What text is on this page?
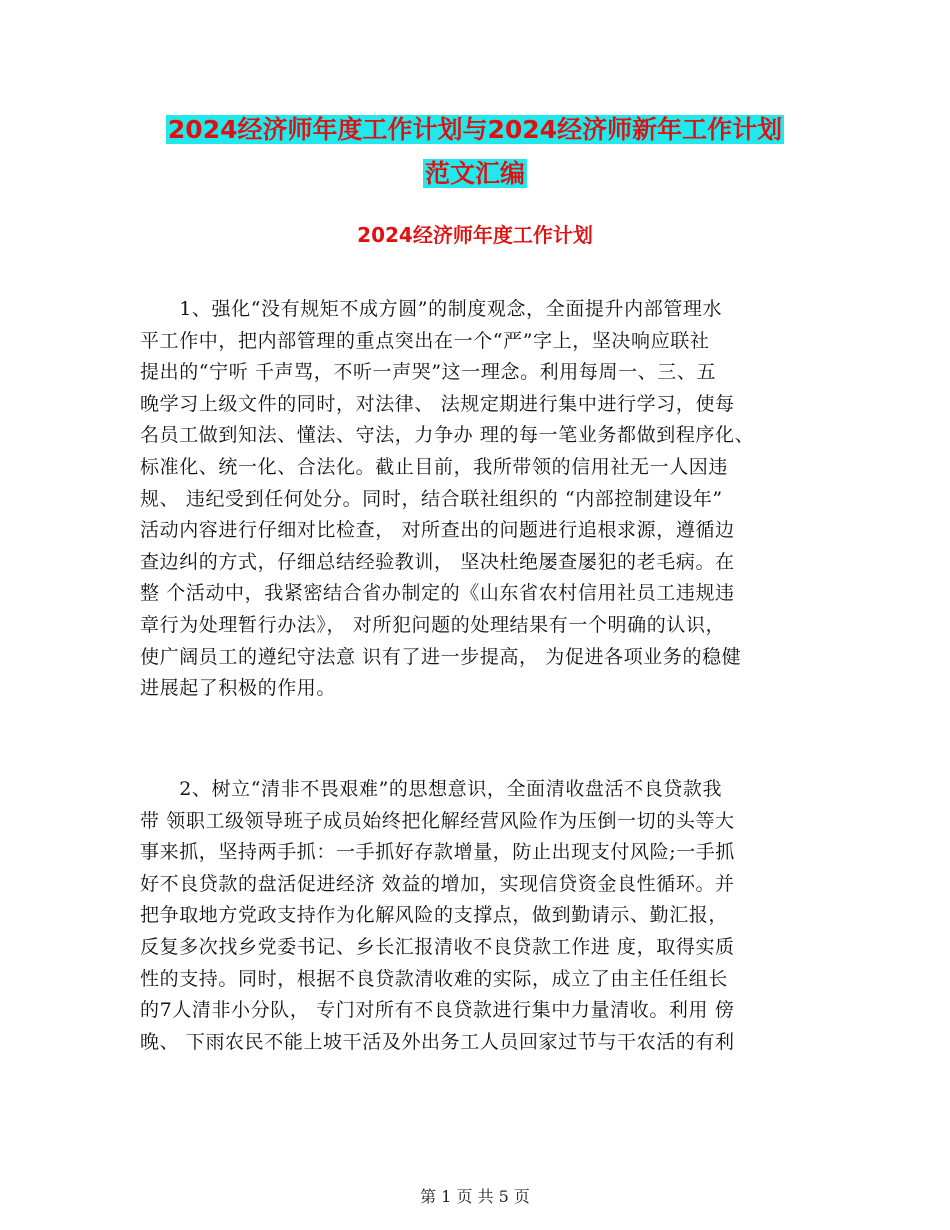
2024经济师年度工作计划与2024经济师新年工作计划
范文汇编
2024经济师年度工作计划
　　1、强化“没有规矩不成方圆”的制度观念，全面提升内部管理水
平工作中，把内部管理的重点突出在一个“严”字上，坚决响应联社
提出的“宁听 千声骂，不听一声哭”这一理念。利用每周一、三、五
晚学习上级文件的同时，对法律、 法规定期进行集中进行学习，使每
名员工做到知法、懂法、守法，力争办 理的每一笔业务都做到程序化、
标准化、统一化、合法化。截止目前，我所带领的信用社无一人因违
规、 违纪受到任何处分。同时，结合联社组织的 “内部控制建设年”
活动内容进行仔细对比检查， 对所查出的问题进行追根求源，遵循边
查边纠的方式，仔细总结经验教训， 坚决杜绝屡查屡犯的老毛病。在
整 个活动中，我紧密结合省办制定的《山东省农村信用社员工违规违
章行为处理暂行办法》， 对所犯问题的处理结果有一个明确的认识，
使广阔员工的遵纪守法意 识有了进一步提高， 为促进各项业务的稳健
进展起了积极的作用。
　　2、树立“清非不畏艰难”的思想意识，全面清收盘活不良贷款我
带 领职工级领导班子成员始终把化解经营风险作为压倒一切的头等大
事来抓，坚持两手抓：一手抓好存款增量，防止出现支付风险;一手抓
好不良贷款的盘活促进经济 效益的增加，实现信贷资金良性循环。并
把争取地方党政支持作为化解风险的支撑点，做到勤请示、勤汇报，
反复多次找乡党委书记、乡长汇报清收不良贷款工作进 度，取得实质
性的支持。同时，根据不良贷款清收难的实际，成立了由主任任组长
的7人清非小分队， 专门对所有不良贷款进行集中力量清收。利用 傍
晚、 下雨农民不能上坡干活及外出务工人员回家过节与干农活的有利
第 1 页 共 5 页
